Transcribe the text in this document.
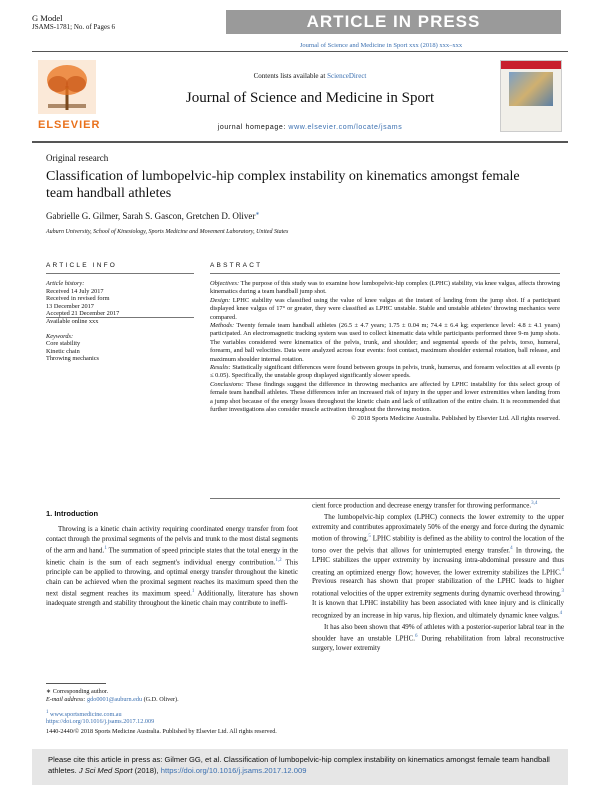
G Model
JSAMS-1781; No. of Pages 6	ARTICLE IN PRESS
Journal of Science and Medicine in Sport xxx (2018) xxx–xxx
ELSEVIER
Contents lists available at ScienceDirect
Journal of Science and Medicine in Sport
journal homepage: www.elsevier.com/locate/jsams
Original research
Classification of lumbopelvic-hip complex instability on kinematics amongst female team handball athletes
Gabrielle G. Gilmer, Sarah S. Gascon, Gretchen D. Oliver∗
Auburn University, School of Kinesiology, Sports Medicine and Movement Laboratory, United States
ARTICLE INFO	ABSTRACT
Article history:
Received 14 July 2017
Received in revised form
13 December 2017
Accepted 21 December 2017
Available online xxx
Keywords:
Core stability
Kinetic chain
Throwing mechanics

Objectives: The purpose of this study was to examine how lumbopelvic-hip complex (LPHC) stability, via knee valgus, affects throwing kinematics during a team handball jump shot.

Design: LPHC stability was classified using the value of knee valgus at the instant of landing from the jump shot. If a participant displayed knee valgus of 17° or greater, they were classified as LPHC unstable. Stable and unstable athletes' throwing mechanics were compared.

Methods: Twenty female team handball athletes (26.5 ± 4.7 years; 1.75 ± 0.04 m; 74.4 ± 6.4 kg; experience level: 4.8 ± 4.1 years) participated. An electromagnetic tracking system was used to collect kinematic data while participants performed three 9-m jump shots. The variables considered were kinematics of the pelvis, trunk, and shoulder; and segmental speeds of the pelvis, torso, humeral, forearm, and ball velocities. Data were analyzed across four events: foot contact, maximum shoulder external rotation, ball release, and maximum shoulder internal rotation.

Results: Statistically significant differences were found between groups in pelvis, trunk, humerus, and forearm velocities at all events (p ≤ 0.05). Specifically, the unstable group displayed significantly slower speeds.

Conclusions: These findings suggest the difference in throwing mechanics are affected by LPHC instability for this select group of female team handball athletes. These differences infer an increased risk of injury in the upper and lower extremities when landing from a jump shot because of the energy losses throughout the kinetic chain and lack of utilization of the entire chain. It is recommended that further investigations also consider muscle activation throughout the throwing motion.

© 2018 Sports Medicine Australia. Published by Elsevier Ltd. All rights reserved.

1. Introduction

Throwing is a kinetic chain activity requiring coordinated energy transfer from foot contact through the proximal segments of the pelvis and trunk to the most distal segments of the arm and hand.$^1$ The summation of speed principle states that the total energy in the kinetic chain is the sum of each segment's individual energy contribution.$^{1,2}$ This principle can be applied to throwing, and optimal energy transfer throughout the kinetic chain can be achieved when the proximal segment reaches its maximum speed then the next distal segment reaches its maximum speed.$^1$ Additionally, literature has shown inadequate strength and stability throughout the kinetic chain may contribute to ineffi-

cient force production and decrease energy transfer for throwing performance.$^{3,4}$

The lumbopelvic-hip complex (LPHC) connects the lower extremity to the upper extremity and contributes approximately 50% of the energy and force during the dynamic motion of throwing.$^5$ LPHC stability is defined as the ability to control the location of the torso over the pelvis that allows for uninterrupted energy transfer.$^4$ In throwing, the LPHC stabilizes the upper extremity by increasing intra-abdominal pressure and thus creating an optimized energy flow; however, the lower extremity stabilizes the LPHC.$^4$ Previous research has shown that proper stabilization of the LPHC leads to higher rotational velocities of the upper extremity segments during dynamic overhead throwing.$^3$ It is known that LPHC instability has been associated with knee injury and is clinically recognized by an increase in hip varus, hip flexion, and ultimately dynamic knee valgus.$^4$

It has also been shown that 49% of athletes with a posterior-superior labral tear in the shoulder have an unstable LPHC.$^6$ During rehabilitation from labral reconstructive surgery, lower extremity

∗ Corresponding author.
E-mail address: gdo0001@auburn.edu (G.D. Oliver).
$^1$ www.sportsmedicine.com.au
https://doi.org/10.1016/j.jsams.2017.12.009
1440-2440/© 2018 Sports Medicine Australia. Published by Elsevier Ltd. All rights reserved.
Please cite this article in press as: Gilmer GG, et al. Classification of lumbopelvic-hip complex instability on kinematics amongst female team handball athletes. J Sci Med Sport (2018), https://doi.org/10.1016/j.jsams.2017.12.009
